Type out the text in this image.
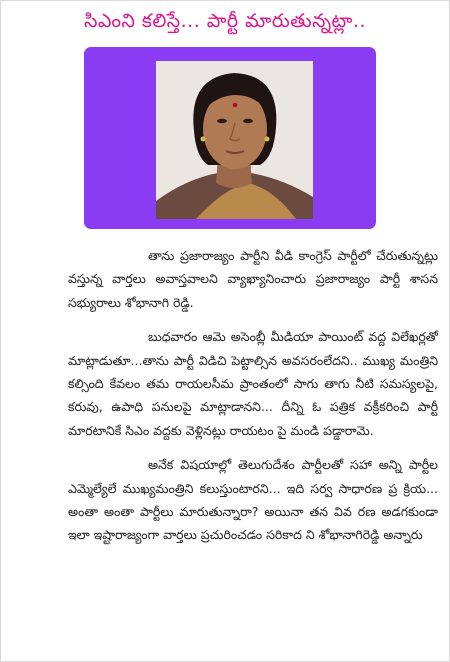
సిఎంని కలిస్తే... పార్టీ మారుతున్నట్లా..

తాను ప్రజారాజ్యం పార్టీని వీడి కాంగ్రెస్ పార్టీలో చేరుతున్నట్లు వస్తున్న వార్తలు అవాస్తవాలని వ్యాఖ్యానించారు ప్రజారాజ్యం పార్టీ శాసన సభ్యురాలు శోభానాగి రెడ్డి.

బుధవారం ఆమె అసెంబ్లీ మీడియా పాయింట్ వద్ద విలేఖర్లతో మాట్లాడుతూ...తాను పార్టీ విడిచి పెట్టాల్సిన అవసరంలేదని.. ముఖ్య మంత్రిని కల్సింది కేవలం తమ రాయలసీమ ప్రాంతంలో సాగు తాగు నీటి సమస్యలపై, కరువు, ఉపాధి పనులపై మాట్లాడానని... దీన్ని ఓ పత్రిక వక్రీకరించి పార్టీ మారటానికే సిఎం వద్దకు వెళ్లినట్లు రాయటం పై మండి పడ్డారామె.

అనేక విషయాల్లో తెలుగుదేశం పార్టీలతో సహా అన్ని పార్టీల ఎమ్మెల్యేలే ముఖ్యమంత్రిని కలుస్తుంటారని... ఇది సర్వ సాధారణ ప్ర క్రియ... అంతా అంతా పార్టీలు మారుతున్నారా? అయినా తన వివ రణ అడగకుండా ఇలా ఇష్టారాజ్యంగా వార్తలు ప్రచురించడం సరికాద ని శోభానాగిరెడ్డి అన్నారు
